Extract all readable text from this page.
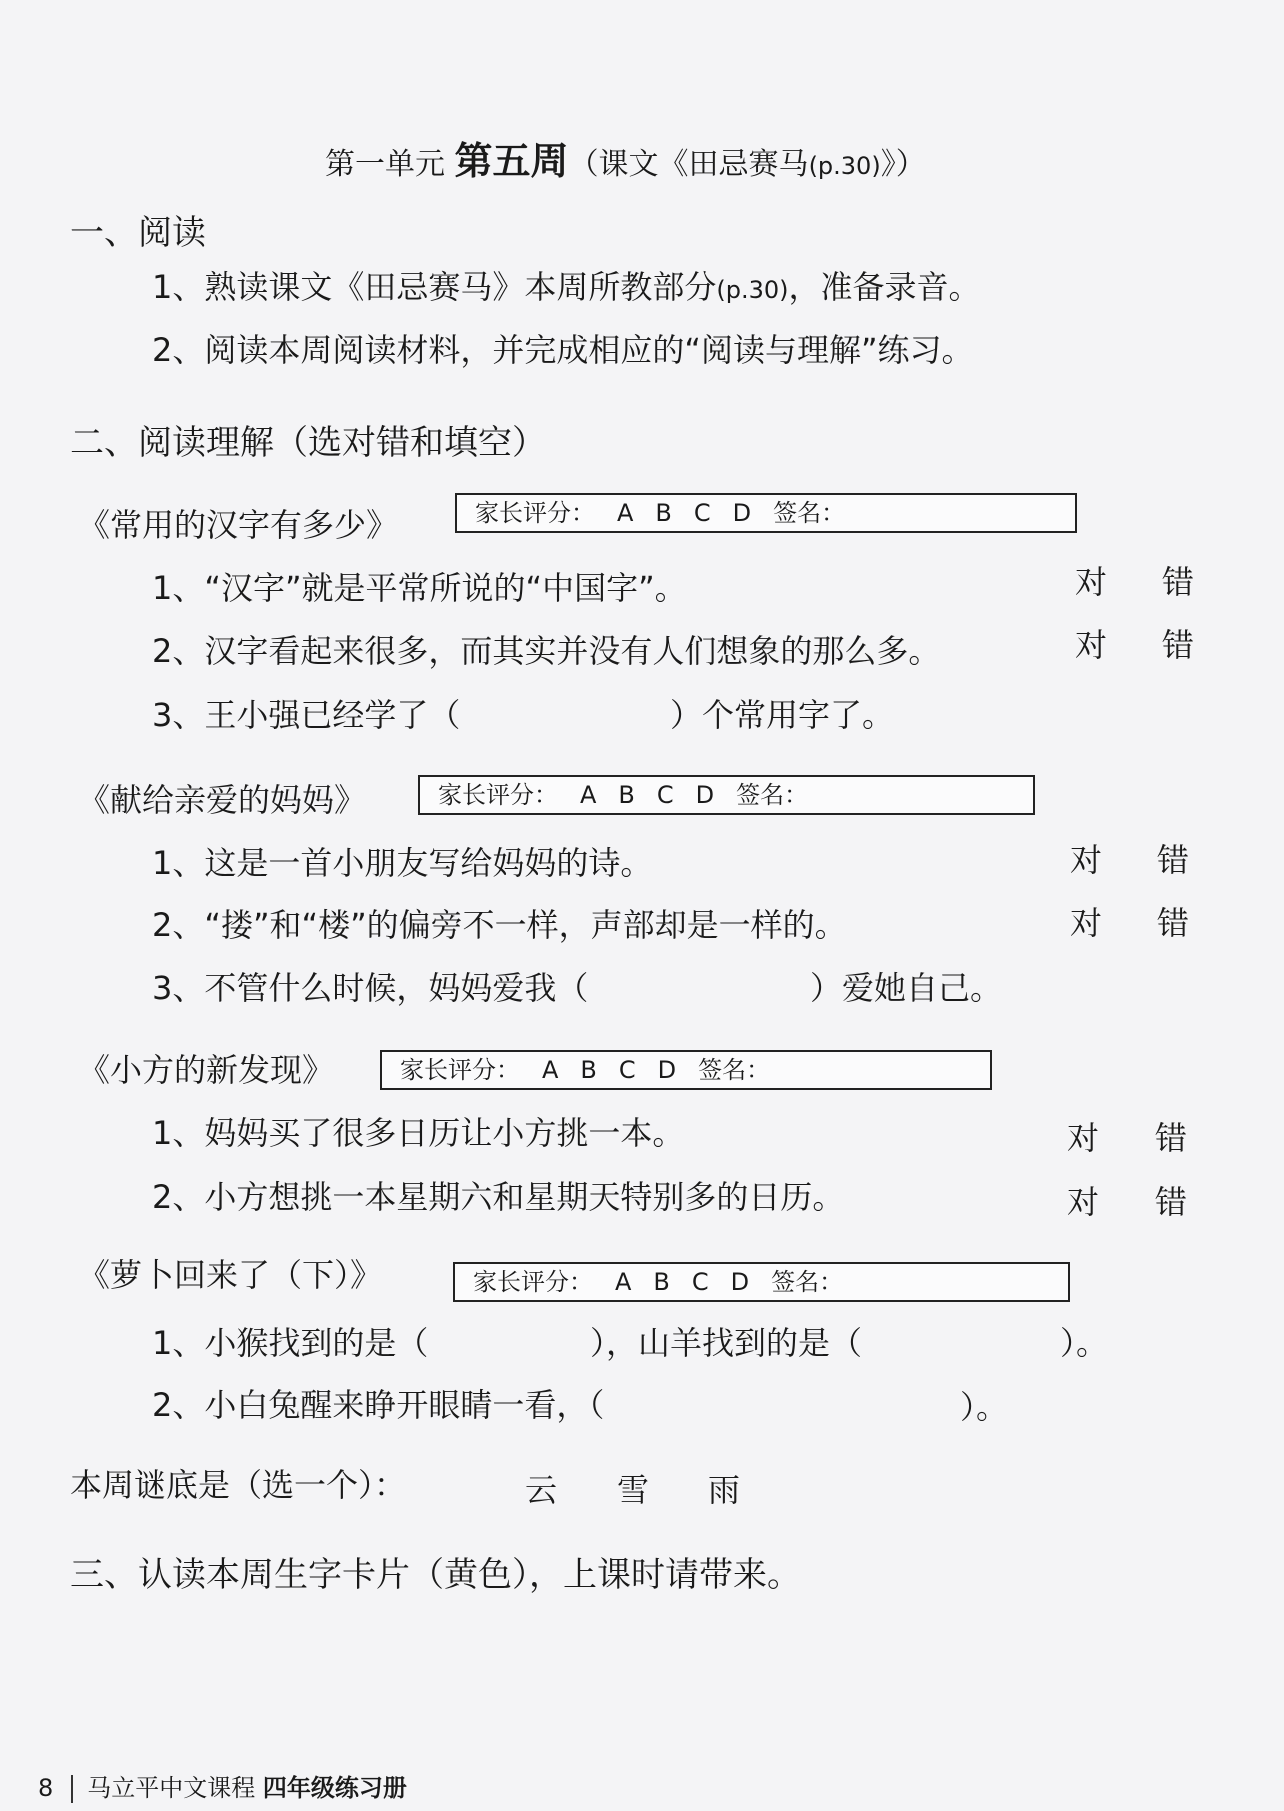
第一单元 第五周（课文《田忌赛马(p.30)》）
一、阅读
1、熟读课文《田忌赛马》本周所教部分(p.30)，准备录音。
2、阅读本周阅读材料，并完成相应的“阅读与理解”练习。
二、阅读理解（选对错和填空）
《常用的汉字有多少》	家长评分： A B C D 签名：
1、“汉字”就是平常所说的“中国字”。	对 错
2、汉字看起来很多，而其实并没有人们想象的那么多。	对 错
3、王小强已经学了（	）个常用字了。
《献给亲爱的妈妈》	家长评分： A B C D 签名：
1、这是一首小朋友写给妈妈的诗。	对 错
2、“搂”和“楼”的偏旁不一样，声部却是一样的。	对 错
3、不管什么时候，妈妈爱我（	）爱她自己。
《小方的新发现》	家长评分： A B C D 签名：
1、妈妈买了很多日历让小方挑一本。	对 错
2、小方想挑一本星期六和星期天特别多的日历。	对 错
《萝卜回来了（下）》	家长评分： A B C D 签名：
1、小猴找到的是（	），山羊找到的是（	）。
2、小白兔醒来睁开眼睛一看，（	）。
本周谜底是（选一个）：	云 雪 雨
三、认读本周生字卡片（黄色），上课时请带来。
8 马立平中文课程 四年级练习册
